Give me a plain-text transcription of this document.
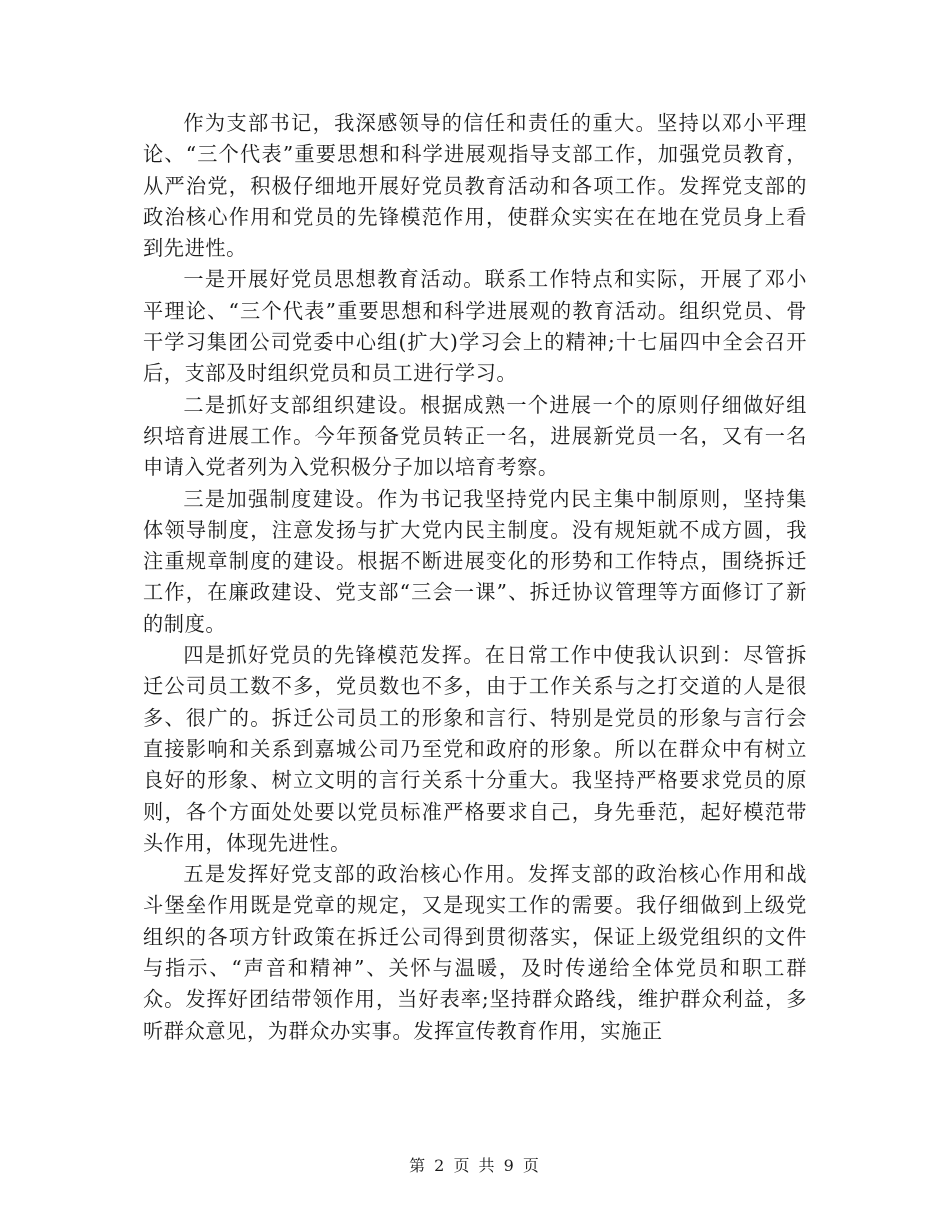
作为支部书记，我深感领导的信任和责任的重大。坚持以邓小平理论、“三个代表”重要思想和科学进展观指导支部工作，加强党员教育，从严治党，积极仔细地开展好党员教育活动和各项工作。发挥党支部的政治核心作用和党员的先锋模范作用，使群众实实在在地在党员身上看到先进性。

一是开展好党员思想教育活动。联系工作特点和实际，开展了邓小平理论、“三个代表”重要思想和科学进展观的教育活动。组织党员、骨干学习集团公司党委中心组(扩大)学习会上的精神;十七届四中全会召开后，支部及时组织党员和员工进行学习。

二是抓好支部组织建设。根据成熟一个进展一个的原则仔细做好组织培育进展工作。今年预备党员转正一名，进展新党员一名，又有一名申请入党者列为入党积极分子加以培育考察。

三是加强制度建设。作为书记我坚持党内民主集中制原则，坚持集体领导制度，注意发扬与扩大党内民主制度。没有规矩就不成方圆，我注重规章制度的建设。根据不断进展变化的形势和工作特点，围绕拆迁工作，在廉政建设、党支部“三会一课”、拆迁协议管理等方面修订了新的制度。

四是抓好党员的先锋模范发挥。在日常工作中使我认识到：尽管拆迁公司员工数不多，党员数也不多，由于工作关系与之打交道的人是很多、很广的。拆迁公司员工的形象和言行、特别是党员的形象与言行会直接影响和关系到嘉城公司乃至党和政府的形象。所以在群众中有树立良好的形象、树立文明的言行关系十分重大。我坚持严格要求党员的原则，各个方面处处要以党员标准严格要求自己，身先垂范，起好模范带头作用，体现先进性。

五是发挥好党支部的政治核心作用。发挥支部的政治核心作用和战斗堡垒作用既是党章的规定，又是现实工作的需要。我仔细做到上级党组织的各项方针政策在拆迁公司得到贯彻落实，保证上级党组织的文件与指示、“声音和精神”、关怀与温暖，及时传递给全体党员和职工群众。发挥好团结带领作用，当好表率;坚持群众路线，维护群众利益，多听群众意见，为群众办实事。发挥宣传教育作用，实施正

第 2 页 共 9 页
